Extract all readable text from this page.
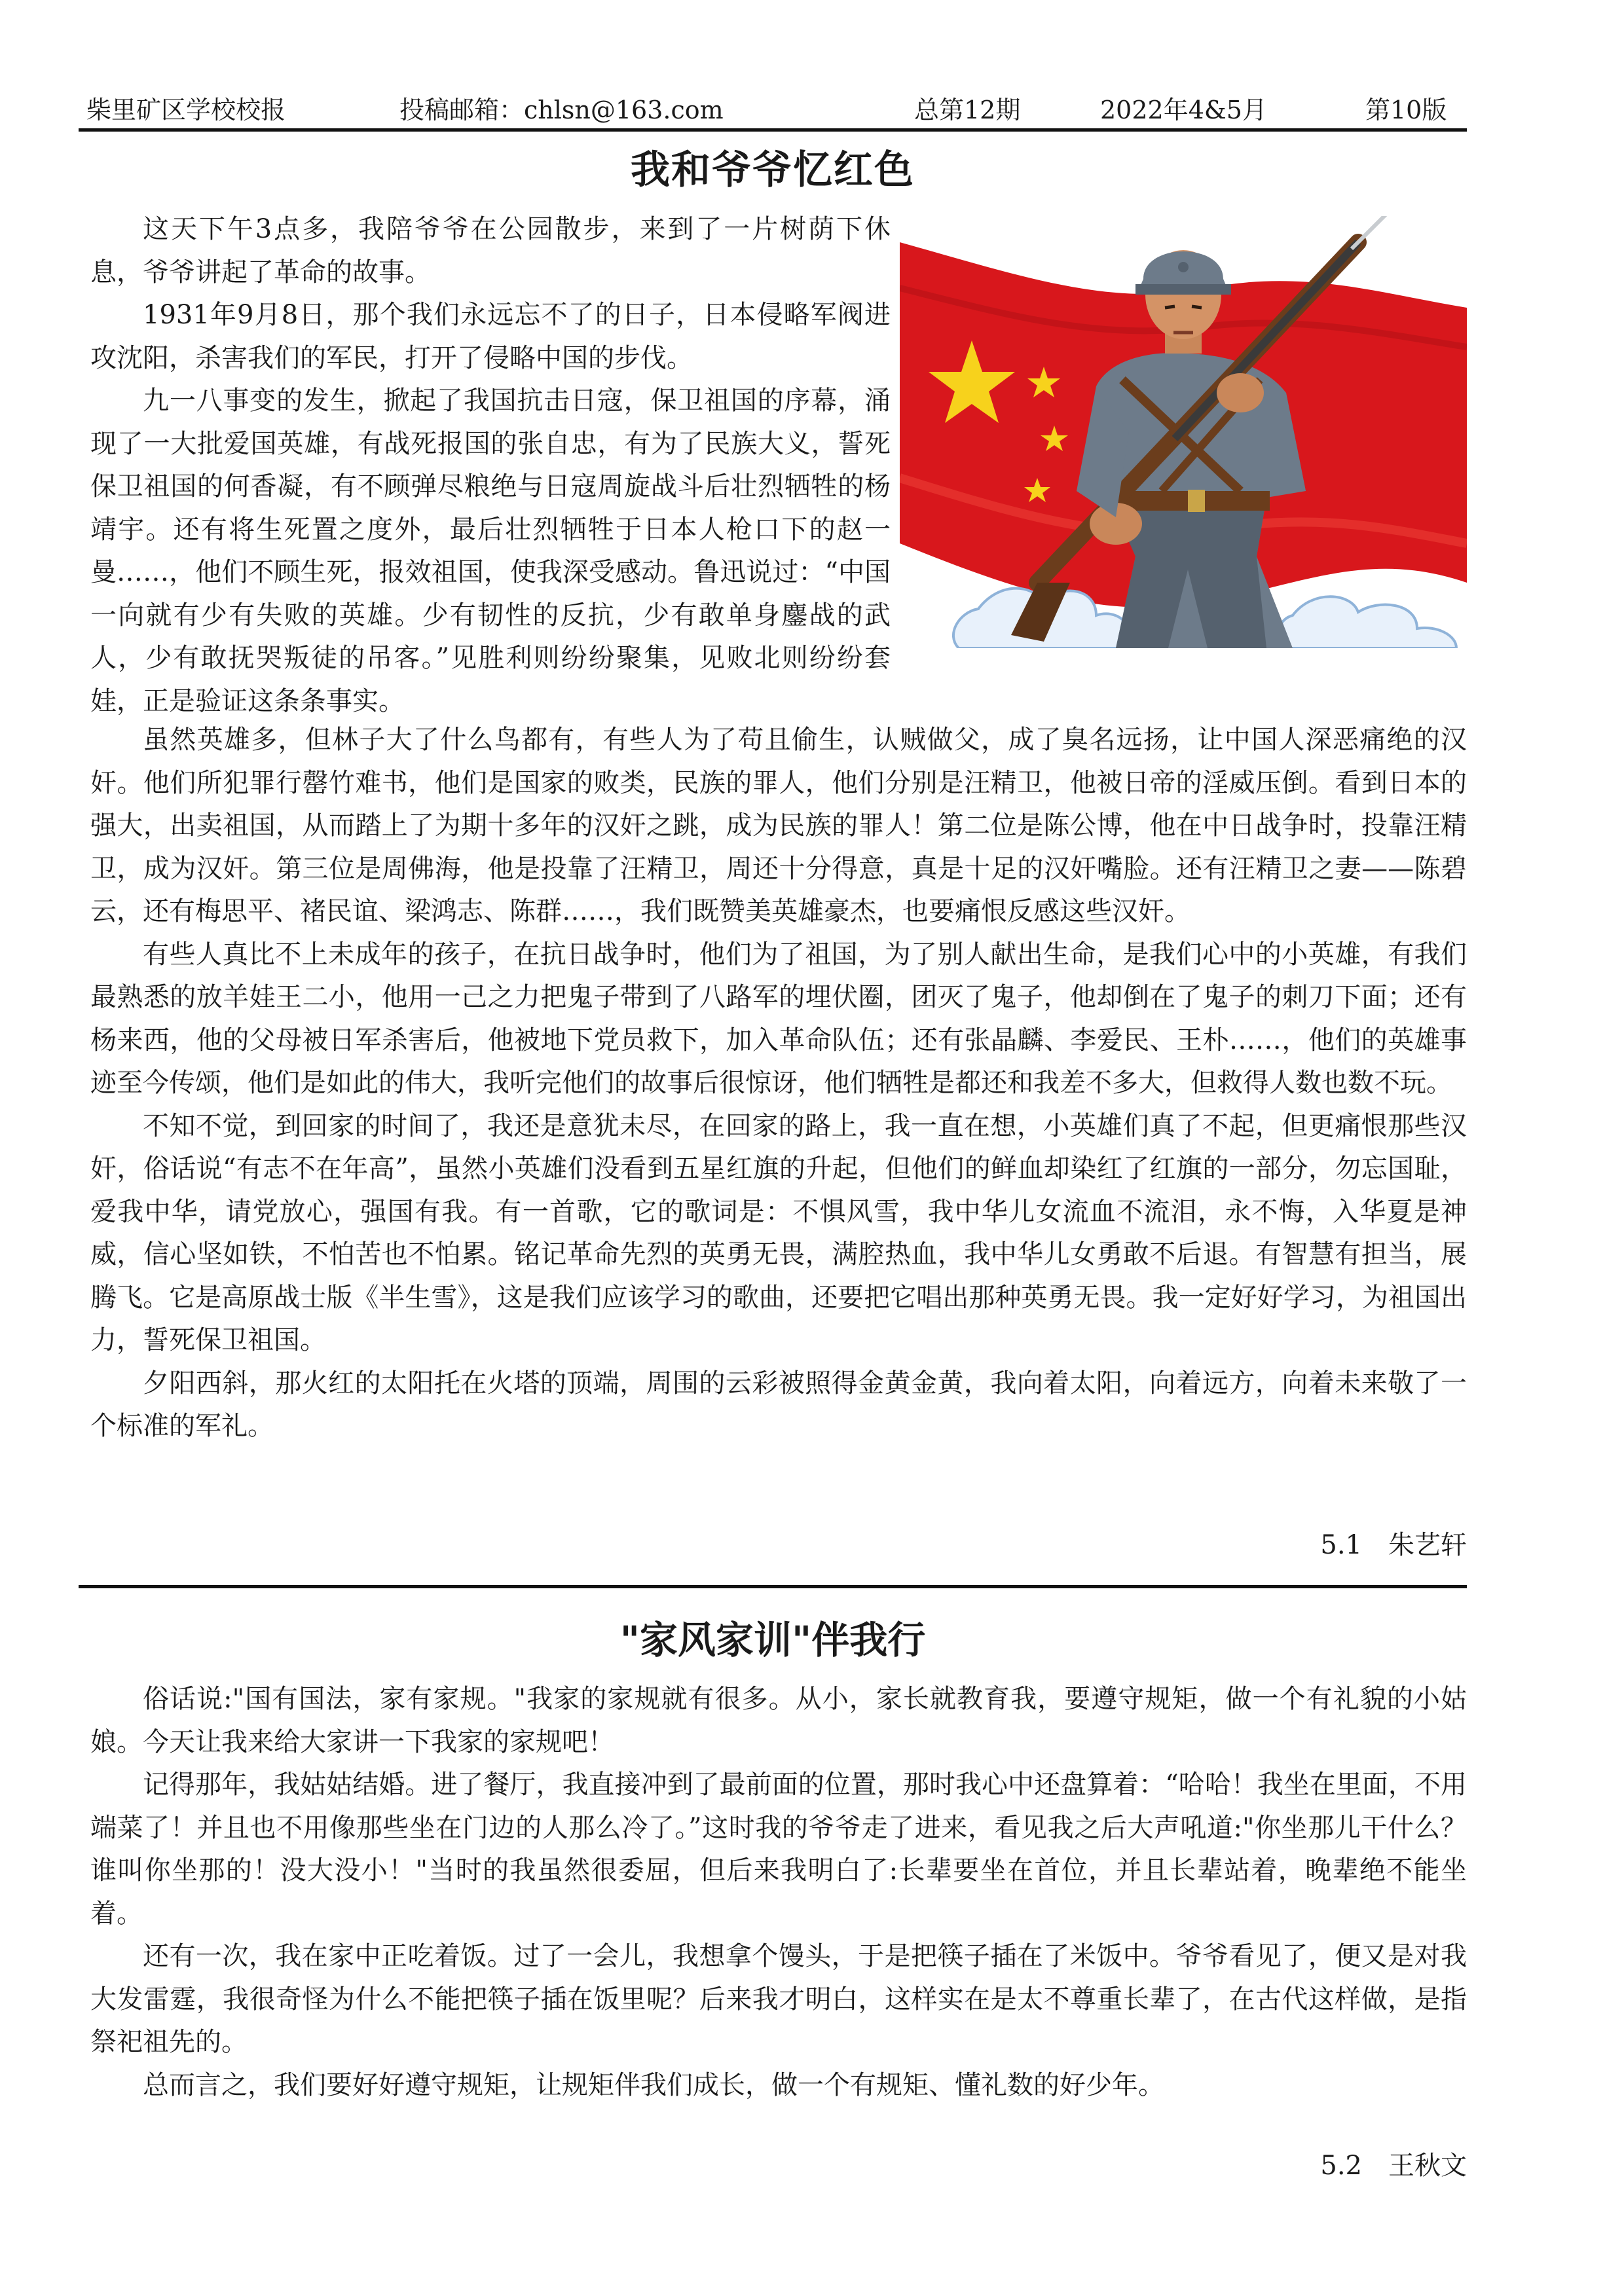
柴里矿区学校校报	投稿邮箱：chlsn@163.com	总第12期	2022年4&5月	第10版
我和爷爷忆红色

这天下午3点多，我陪爷爷在公园散步，来到了一片树荫下休息，爷爷讲起了革命的故事。

1931年9月8日，那个我们永远忘不了的日子，日本侵略军阀进攻沈阳，杀害我们的军民，打开了侵略中国的步伐。

九一八事变的发生，掀起了我国抗击日寇，保卫祖国的序幕，涌现了一大批爱国英雄，有战死报国的张自忠，有为了民族大义，誓死保卫祖国的何香凝，有不顾弹尽粮绝与日寇周旋战斗后壮烈牺牲的杨靖宇。还有将生死置之度外，最后壮烈牺牲于日本人枪口下的赵一曼……，他们不顾生死，报效祖国，使我深受感动。鲁迅说过：“中国一向就有少有失败的英雄。少有韧性的反抗，少有敢单身鏖战的武人，少有敢抚哭叛徒的吊客。”见胜利则纷纷聚集，见败北则纷纷套娃，正是验证这条条事实。

虽然英雄多，但林子大了什么鸟都有，有些人为了苟且偷生，认贼做父，成了臭名远扬，让中国人深恶痛绝的汉奸。他们所犯罪行罄竹难书，他们是国家的败类，民族的罪人，他们分别是汪精卫，他被日帝的淫威压倒。看到日本的强大，出卖祖国，从而踏上了为期十多年的汉奸之跳，成为民族的罪人！第二位是陈公博，他在中日战争时，投靠汪精卫，成为汉奸。第三位是周佛海，他是投靠了汪精卫，周还十分得意，真是十足的汉奸嘴脸。还有汪精卫之妻——陈碧云，还有梅思平、褚民谊、梁鸿志、陈群……，我们既赞美英雄豪杰，也要痛恨反感这些汉奸。

有些人真比不上未成年的孩子，在抗日战争时，他们为了祖国，为了别人献出生命，是我们心中的小英雄，有我们最熟悉的放羊娃王二小，他用一己之力把鬼子带到了八路军的埋伏圈，团灭了鬼子，他却倒在了鬼子的刺刀下面；还有杨来西，他的父母被日军杀害后，他被地下党员救下，加入革命队伍；还有张晶麟、李爱民、王朴……，他们的英雄事迹至今传颂，他们是如此的伟大，我听完他们的故事后很惊讶，他们牺牲是都还和我差不多大，但救得人数也数不玩。

不知不觉，到回家的时间了，我还是意犹未尽，在回家的路上，我一直在想，小英雄们真了不起，但更痛恨那些汉奸，俗话说“有志不在年高”，虽然小英雄们没看到五星红旗的升起，但他们的鲜血却染红了红旗的一部分，勿忘国耻，爱我中华，请党放心，强国有我。有一首歌，它的歌词是：不惧风雪，我中华儿女流血不流泪，永不悔，入华夏是神威，信心坚如铁，不怕苦也不怕累。铭记革命先烈的英勇无畏，满腔热血，我中华儿女勇敢不后退。有智慧有担当，展腾飞。它是高原战士版《半生雪》，这是我们应该学习的歌曲，还要把它唱出那种英勇无畏。我一定好好学习，为祖国出力，誓死保卫祖国。

夕阳西斜，那火红的太阳托在火塔的顶端，周围的云彩被照得金黄金黄，我向着太阳，向着远方，向着未来敬了一个标准的军礼。

5.1　朱艺轩
"家风家训"伴我行

俗话说:"国有国法，家有家规。"我家的家规就有很多。从小，家长就教育我，要遵守规矩，做一个有礼貌的小姑娘。今天让我来给大家讲一下我家的家规吧！

记得那年，我姑姑结婚。进了餐厅，我直接冲到了最前面的位置，那时我心中还盘算着：“哈哈！我坐在里面，不用端菜了！并且也不用像那些坐在门边的人那么冷了。”这时我的爷爷走了进来，看见我之后大声吼道:"你坐那儿干什么？谁叫你坐那的！没大没小！"当时的我虽然很委屈，但后来我明白了:长辈要坐在首位，并且长辈站着，晚辈绝不能坐着。

还有一次，我在家中正吃着饭。过了一会儿，我想拿个馒头，于是把筷子插在了米饭中。爷爷看见了，便又是对我大发雷霆，我很奇怪为什么不能把筷子插在饭里呢？后来我才明白，这样实在是太不尊重长辈了，在古代这样做，是指祭祀祖先的。

总而言之，我们要好好遵守规矩，让规矩伴我们成长，做一个有规矩、懂礼数的好少年。

5.2　王秋文
